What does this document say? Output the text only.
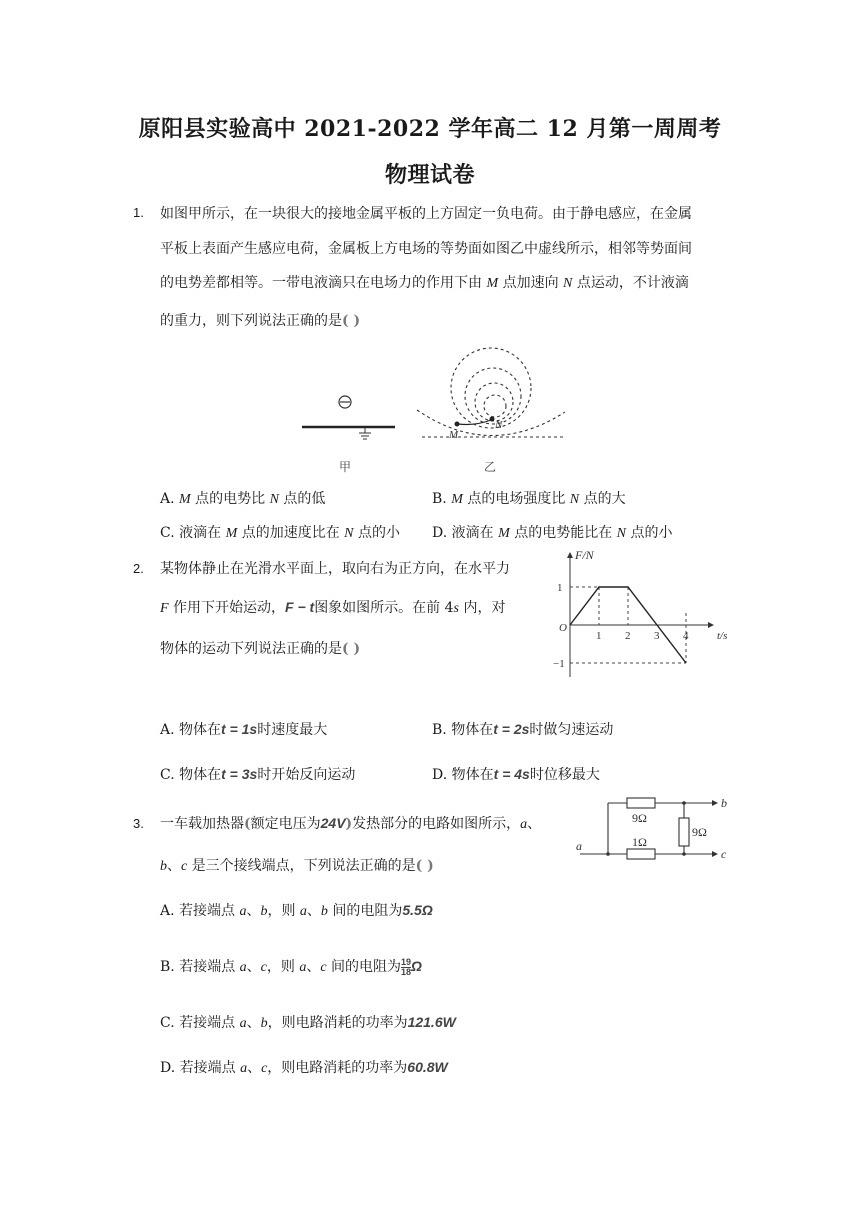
原阳县实验高中 2021-2022 学年高二 12 月第一周周考
物理试卷
1. 如图甲所示，在一块很大的接地金属平板的上方固定一负电荷。由于静电感应，在金属
平板上表面产生感应电荷，金属板上方电场的等势面如图乙中虚线所示，相邻等势面间
的电势差都相等。一带电液滴只在电场力的作用下由 M 点加速向 N 点运动，不计液滴
的重力，则下列说法正确的是( )
甲
M
N
乙
A. M 点的电势比 N 点的低	B. M 点的电场强度比 N 点的大
C. 液滴在 M 点的加速度比在 N 点的小 D. 液滴在 M 点的电势能比在 N 点的小
2. 某物体静止在光滑水平面上，取向右为正方向，在水平力
F 作用下开始运动，F − t图象如图所示。在前 4s 内，对
物体的运动下列说法正确的是( )
F/N
t/s
O
1
−1
1 2 3 4
A. 物体在t = 1s时速度最大	B. 物体在t = 2s时做匀速运动
C. 物体在t = 3s时开始反向运动	D. 物体在t = 4s时位移最大
3. 一车载加热器(额定电压为24V)发热部分的电路如图所示，a、
b、c 是三个接线端点，下列说法正确的是( )
9Ω
1Ω
9Ω
a
b
c
A. 若接端点 a、b，则 a、b 间的电阻为5.5Ω
B. 若接端点 a、c，则 a、c 间的电阻为 $\frac{19}{18}$ Ω
C. 若接端点 a、b，则电路消耗的功率为121.6W
D. 若接端点 a、c，则电路消耗的功率为60.8W
